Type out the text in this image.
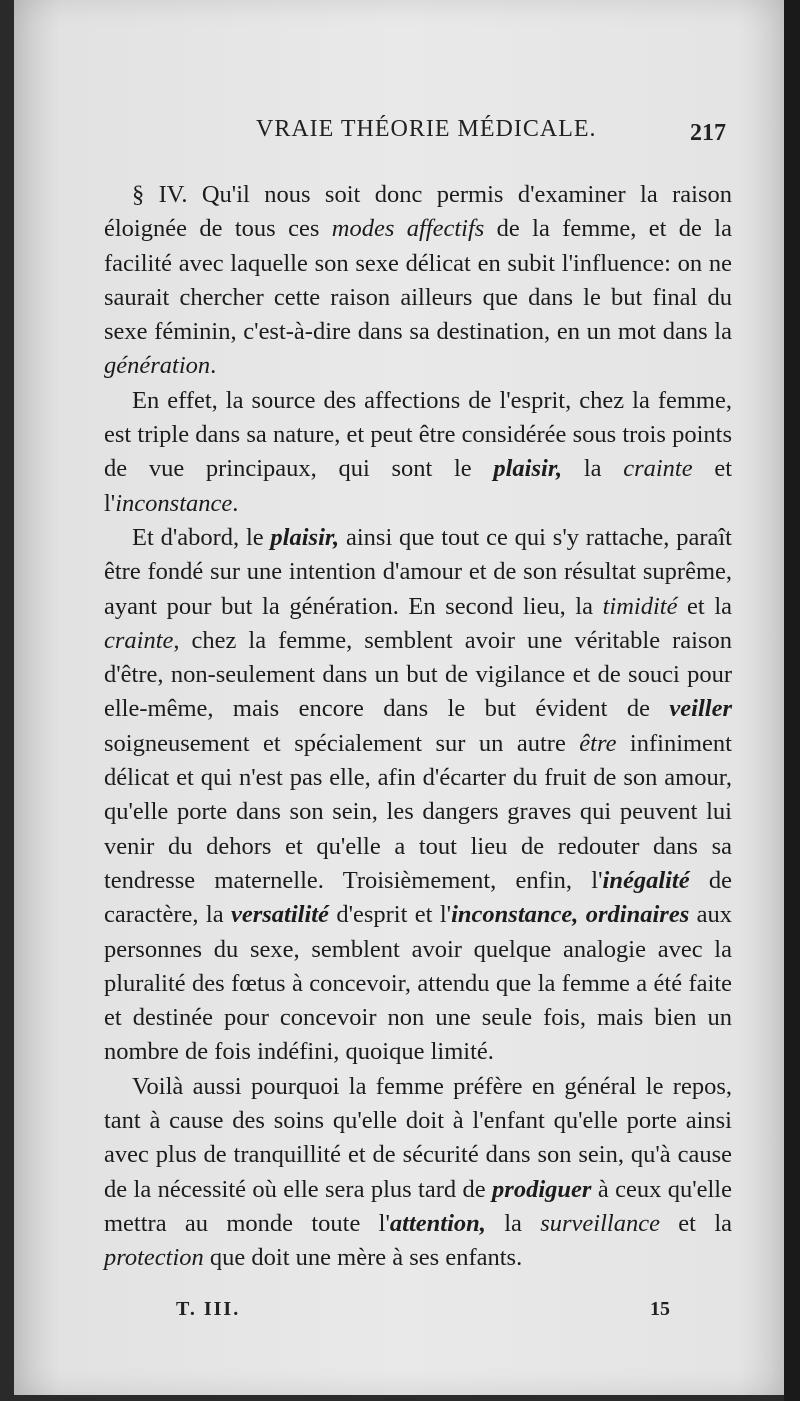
VRAIE THÉORIE MÉDICALE.	217

§ IV. Qu'il nous soit donc permis d'examiner la raison éloignée de tous ces modes affectifs de la femme, et de la facilité avec laquelle son sexe délicat en subit l'influence: on ne saurait chercher cette raison ailleurs que dans le but final du sexe féminin, c'est-à-dire dans sa destination, en un mot dans la génération.

En effet, la source des affections de l'esprit, chez la femme, est triple dans sa nature, et peut être considérée sous trois points de vue principaux, qui sont le plaisir, la crainte et l'inconstance.

Et d'abord, le plaisir, ainsi que tout ce qui s'y rattache, paraît être fondé sur une intention d'amour et de son résultat suprême, ayant pour but la génération. En second lieu, la timidité et la crainte, chez la femme, semblent avoir une véritable raison d'être, non-seulement dans un but de vigilance et de souci pour elle-même, mais encore dans le but évident de veiller soigneusement et spécialement sur un autre être infiniment délicat et qui n'est pas elle, afin d'écarter du fruit de son amour, qu'elle porte dans son sein, les dangers graves qui peuvent lui venir du dehors et qu'elle a tout lieu de redouter dans sa tendresse maternelle. Troisièmement, enfin, l'inégalité de caractère, la versatilité d'esprit et l'inconstance, ordinaires aux personnes du sexe, semblent avoir quelque analogie avec la pluralité des fœtus à concevoir, attendu que la femme a été faite et destinée pour concevoir non une seule fois, mais bien un nombre de fois indéfini, quoique limité.

Voilà aussi pourquoi la femme préfère en général le repos, tant à cause des soins qu'elle doit à l'enfant qu'elle porte ainsi avec plus de tranquillité et de sécurité dans son sein, qu'à cause de la nécessité où elle sera plus tard de prodiguer à ceux qu'elle mettra au monde toute l'attention, la surveillance et la protection que doit une mère à ses enfants.

T. III.	15
